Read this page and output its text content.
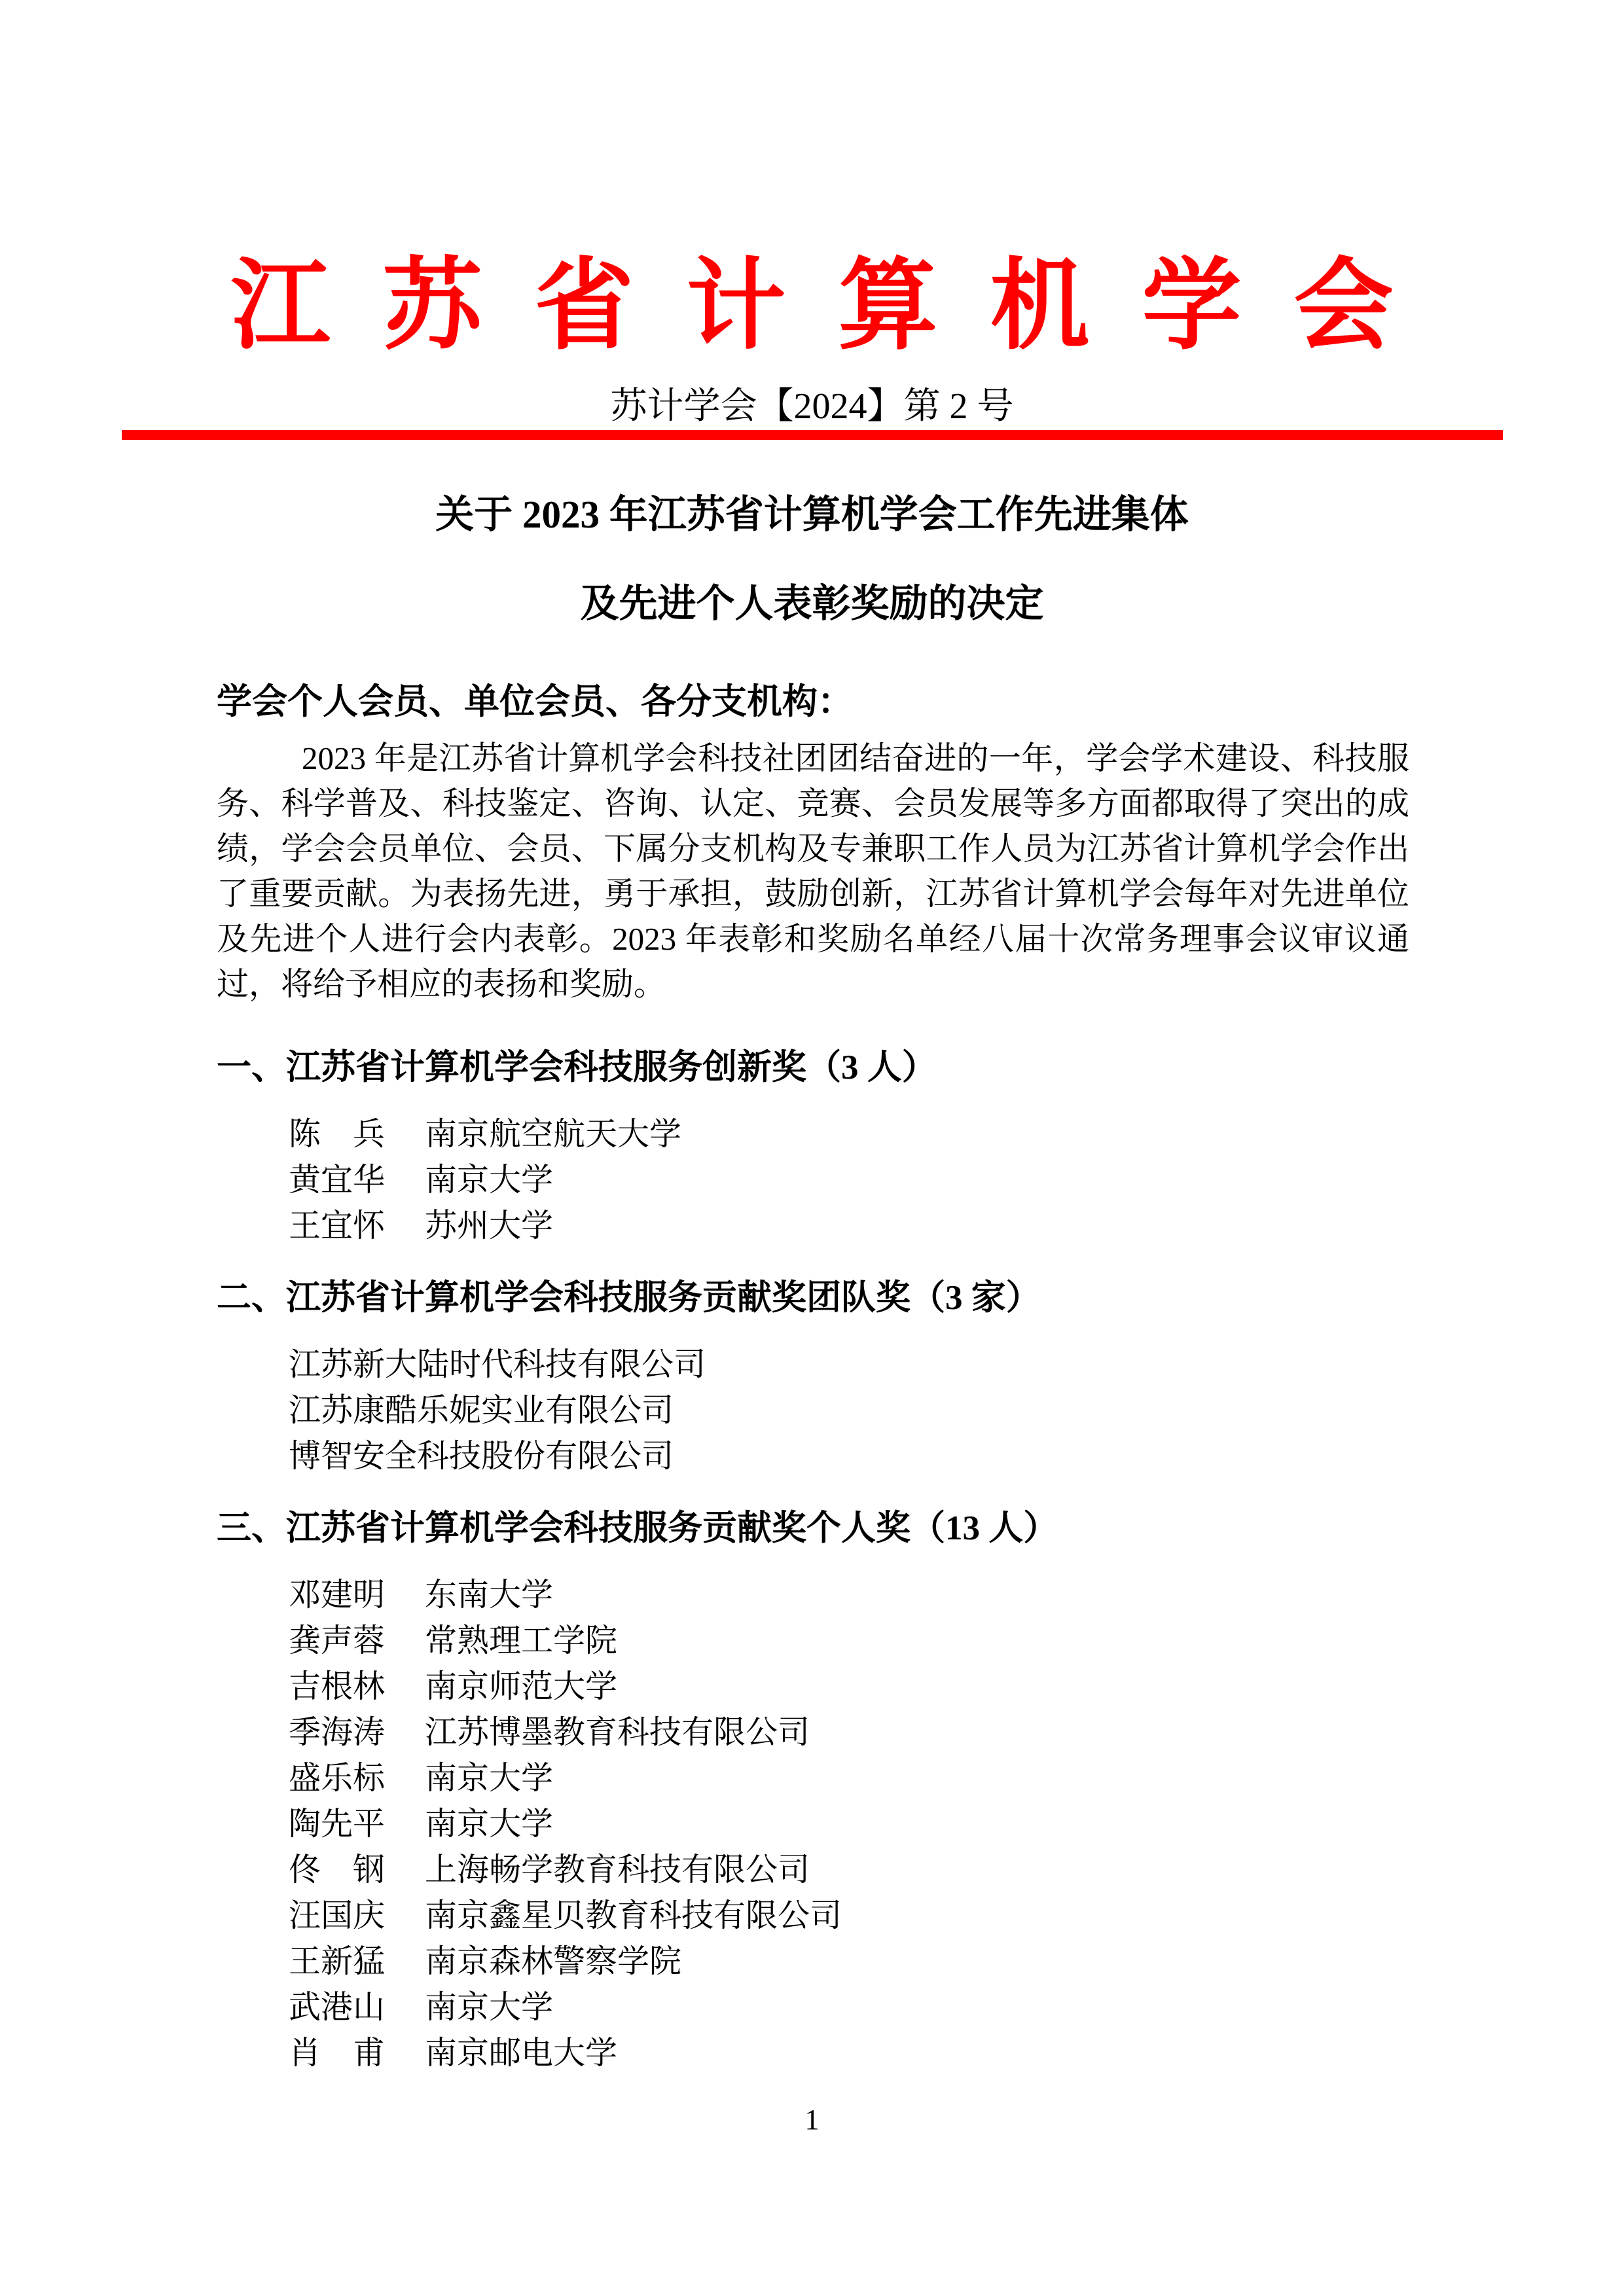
江苏省计算机学会
苏计学会【2024】第 2 号
关于 2023 年江苏省计算机学会工作先进集体
及先进个人表彰奖励的决定
学会个人会员、单位会员、各分支机构：
2023 年是江苏省计算机学会科技社团团结奋进的一年，学会学术建设、科技服务、科学普及、科技鉴定、咨询、认定、竞赛、会员发展等多方面都取得了突出的成绩，学会会员单位、会员、下属分支机构及专兼职工作人员为江苏省计算机学会作出了重要贡献。为表扬先进，勇于承担，鼓励创新，江苏省计算机学会每年对先进单位及先进个人进行会内表彰。2023 年表彰和奖励名单经八届十次常务理事会议审议通过，将给予相应的表扬和奖励。
一、江苏省计算机学会科技服务创新奖（3 人）
陈　兵 南京航空航天大学
黄宜华 南京大学
王宜怀 苏州大学
二、江苏省计算机学会科技服务贡献奖团队奖（3 家）
江苏新大陆时代科技有限公司
江苏康酷乐妮实业有限公司
博智安全科技股份有限公司
三、江苏省计算机学会科技服务贡献奖个人奖（13 人）
邓建明 东南大学
龚声蓉 常熟理工学院
吉根林 南京师范大学
季海涛 江苏博墨教育科技有限公司
盛乐标 南京大学
陶先平 南京大学
佟　钢 上海畅学教育科技有限公司
汪国庆 南京鑫星贝教育科技有限公司
王新猛 南京森林警察学院
武港山 南京大学
肖　甫 南京邮电大学
1
